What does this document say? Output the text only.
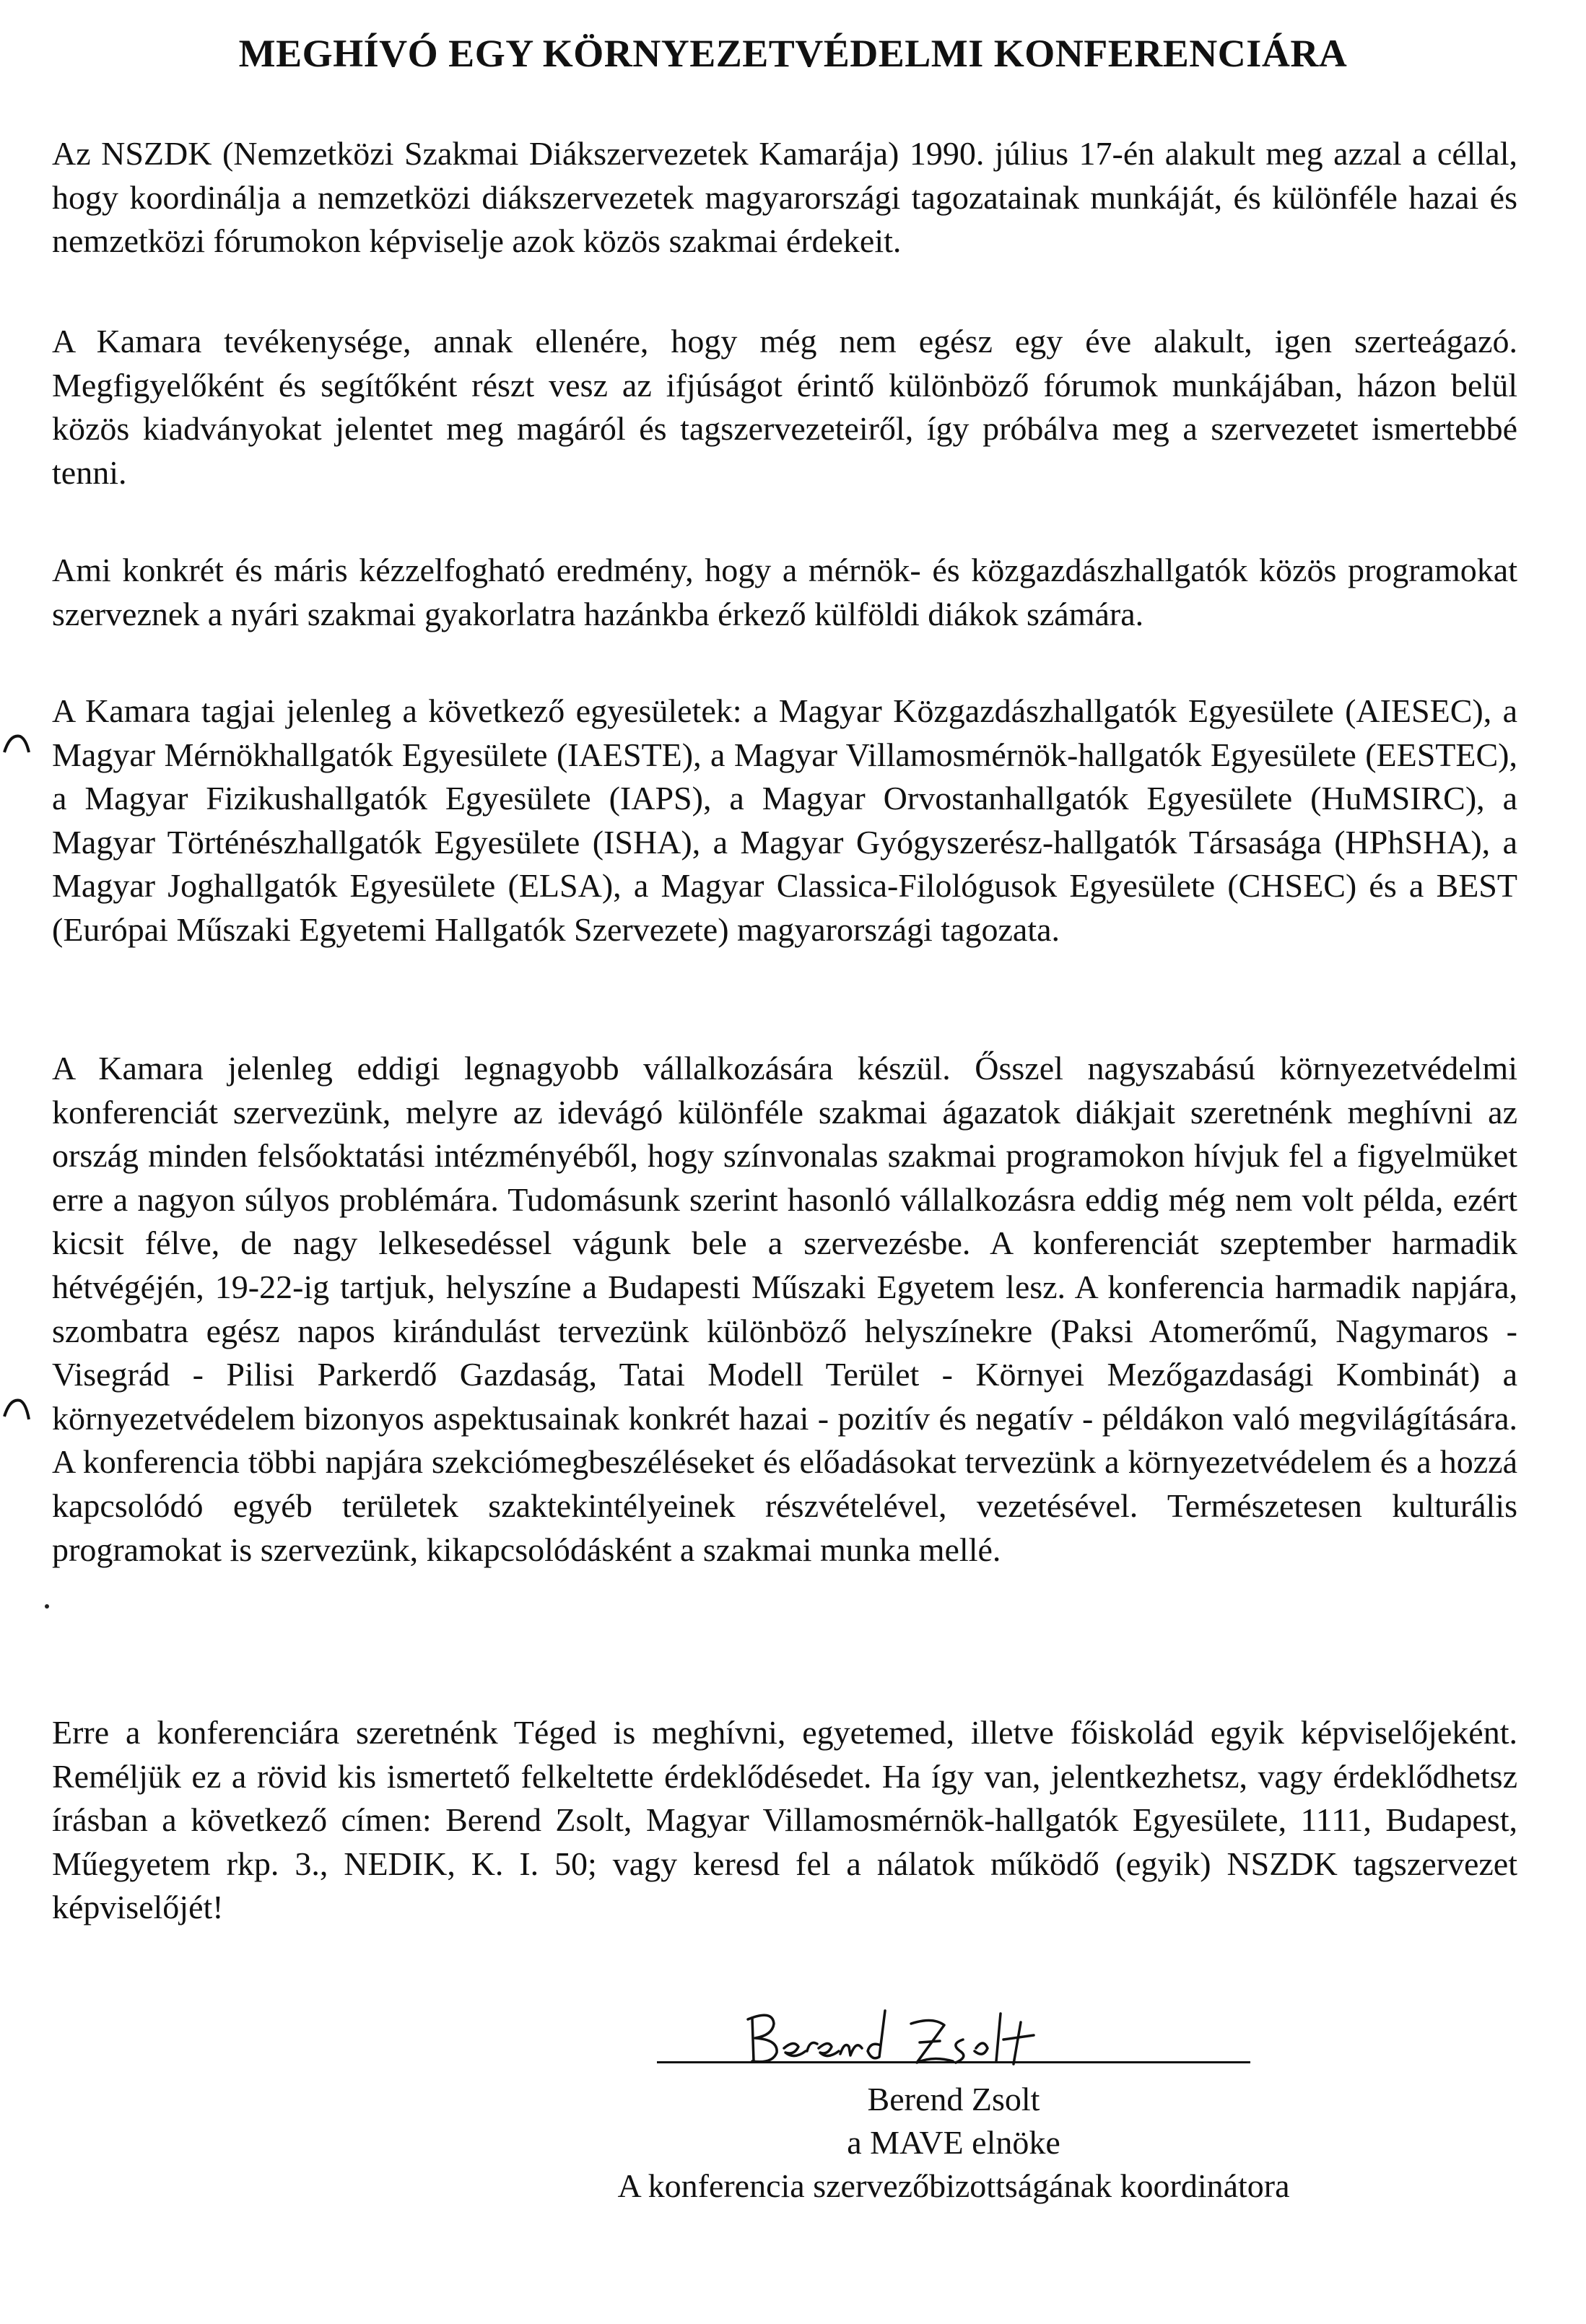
MEGHÍVÓ EGY KÖRNYEZETVÉDELMI KONFERENCIÁRA

Az NSZDK (Nemzetközi Szakmai Diákszervezetek Kamarája) 1990. július 17-én alakult meg azzal a céllal, hogy koordinálja a nemzetközi diákszervezetek magyarországi tagozatainak munkáját, és különféle hazai és nemzetközi fórumokon képviselje azok közös szakmai érdekeit.

A Kamara tevékenysége, annak ellenére, hogy még nem egész egy éve alakult, igen szerteágazó. Megfigyelőként és segítőként részt vesz az ifjúságot érintő különböző fórumok munkájában, házon belül közös kiadványokat jelentet meg magáról és tagszervezeteiről, így próbálva meg a szervezetet ismertebbé tenni.

Ami konkrét és máris kézzelfogható eredmény, hogy a mérnök- és közgazdászhallgatók közös programokat szerveznek a nyári szakmai gyakorlatra hazánkba érkező külföldi diákok számára.

A Kamara tagjai jelenleg a következő egyesületek: a Magyar Közgazdászhallgatók Egyesülete (AIESEC), a Magyar Mérnökhallgatók Egyesülete (IAESTE), a Magyar Villamosmérnök-hallgatók Egyesülete (EESTEC), a Magyar Fizikushallgatók Egyesülete (IAPS), a Magyar Orvostanhallgatók Egyesülete (HuMSIRC), a Magyar Történészhallgatók Egyesülete (ISHA), a Magyar Gyógyszerész-hallgatók Társasága (HPhSHA), a Magyar Joghallgatók Egyesülete (ELSA), a Magyar Classica-Filológusok Egyesülete (CHSEC) és a BEST (Európai Műszaki Egyetemi Hallgatók Szervezete) magyarországi tagozata.

A Kamara jelenleg eddigi legnagyobb vállalkozására készül. Ősszel nagyszabású környezetvédelmi konferenciát szervezünk, melyre az idevágó különféle szakmai ágazatok diákjait szeretnénk meghívni az ország minden felsőoktatási intézményéből, hogy színvonalas szakmai programokon hívjuk fel a figyelmüket erre a nagyon súlyos problémára. Tudomásunk szerint hasonló vállalkozásra eddig még nem volt példa, ezért kicsit félve, de nagy lelkesedéssel vágunk bele a szervezésbe. A konferenciát szeptember harmadik hétvégéjén, 19-22-ig tartjuk, helyszíne a Budapesti Műszaki Egyetem lesz. A konferencia harmadik napjára, szombatra egész napos kirándulást tervezünk különböző helyszínekre (Paksi Atomerőmű, Nagymaros - Visegrád - Pilisi Parkerdő Gazdaság, Tatai Modell Terület - Környei Mezőgazdasági Kombinát) a környezetvédelem bizonyos aspektusainak konkrét hazai - pozitív és negatív - példákon való megvilágítására. A konferencia többi napjára szekciómegbeszéléseket és előadásokat tervezünk a környezetvédelem és a hozzá kapcsolódó egyéb területek szaktekintélyeinek részvételével, vezetésével. Természetesen kulturális programokat is szervezünk, kikapcsolódásként a szakmai munka mellé.

Erre a konferenciára szeretnénk Téged is meghívni, egyetemed, illetve főiskolád egyik képviselőjeként. Reméljük ez a rövid kis ismertető felkeltette érdeklődésedet. Ha így van, jelentkezhetsz, vagy érdeklődhetsz írásban a következő címen: Berend Zsolt, Magyar Villamosmérnök-hallgatók Egyesülete, 1111, Budapest, Műegyetem rkp. 3., NEDIK, K. I. 50; vagy keresd fel a nálatok működő (egyik) NSZDK tagszervezet képviselőjét!

Berend Zsolt

a MAVE elnöke

A konferencia szervezőbizottságának koordinátora
